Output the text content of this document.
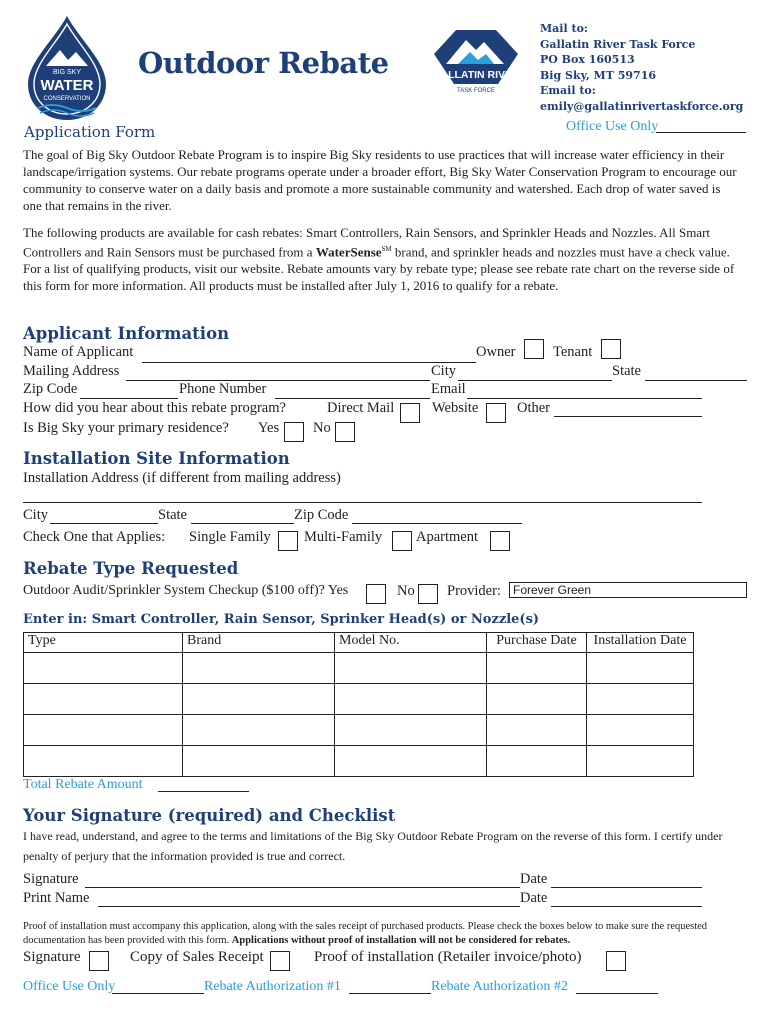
BIG SKY
WATER
CONSERVATION
Outdoor Rebate	GALLATIN RIVER
TASK FORCE
Mail to:
Gallatin River Task Force
PO Box 160513
Big Sky, MT 59716
Email to:
emily@gallatinrivertaskforce.org
Office Use Only
Application Form
The goal of Big Sky Outdoor Rebate Program is to inspire Big Sky residents to use practices that will increase water efficiency in their landscape/irrigation systems. Our rebate programs operate under a broader effort, Big Sky Water Conservation Program to encourage our community to conserve water on a daily basis and promote a more sustainable community and watershed. Each drop of water saved is one that remains in the river.
The following products are available for cash rebates: Smart Controllers, Rain Sensors, and Sprinkler Heads and Nozzles. All Smart Controllers and Rain Sensors must be purchased from a WaterSense℠ brand, and sprinkler heads and nozzles must have a check value. For a list of qualifying products, visit our website. Rebate amounts vary by rebate type; please see rebate rate chart on the reverse side of this form for more information. All products must be installed after July 1, 2016 to qualify for a rebate.
Applicant Information
Name of Applicant	Owner	Tenant
Mailing Address	City	State
Zip Code	Phone Number	Email
How did you hear about this rebate program?	Direct Mail	Website	Other
Is Big Sky your primary residence? Yes No
Installation Site Information
Installation Address (if different from mailing address)
City	State	Zip Code
Check One that Applies: Single Family Multi-Family Apartment
Rebate Type Requested
Outdoor Audit/Sprinkler System Checkup ($100 off)? Yes	No Provider:	Forever Green
Enter in: Smart Controller, Rain Sensor, Sprinker Head(s) or Nozzle(s)
Type	Brand	Model No.	Purchase Date	Installation Date

Total Rebate Amount
Your Signature (required) and Checklist
I have read, understand, and agree to the terms and limitations of the Big Sky Outdoor Rebate Program on the reverse of this form. I certify under penalty of perjury that the information provided is true and correct.
Signature	Date
Print Name	Date
Proof of installation must accompany this application, along with the sales receipt of purchased products. Please check the boxes below to make sure the requested documentation has been provided with this form. Applications without proof of installation will not be considered for rebates.
Signature	Copy of Sales Receipt	Proof of installation (Retailer invoice/photo)
Office Use Only	Rebate Authorization #1	Rebate Authorization #2
